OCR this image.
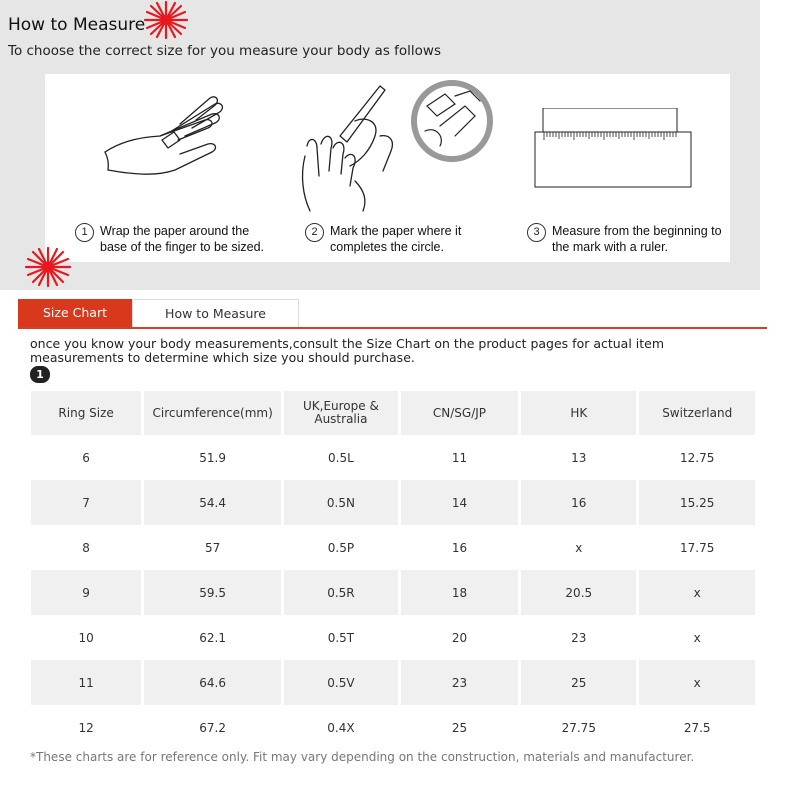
How to Measure
To choose the correct size for you measure your body as follows
1 Wrap the paper around the
base of the finger to be sized.
2 Mark the paper where it
completes the circle.
3 Measure from the beginning to
the mark with a ruler.
Size Chart	How to Measure
once you know your body measurements,consult the Size Chart on the product pages for actual item measurements to determine which size you should purchase.
1
Ring Size	Circumference(mm)	UK,Europe & Australia	CN/SG/JP	HK	Switzerland
6	51.9	0.5L	11	13	12.75
7	54.4	0.5N	14	16	15.25
8	57	0.5P	16	x	17.75
9	59.5	0.5R	18	20.5	x
10	62.1	0.5T	20	23	x
11	64.6	0.5V	23	25	x
12	67.2	0.4X	25	27.75	27.5
*These charts are for reference only. Fit may vary depending on the construction, materials and manufacturer.
